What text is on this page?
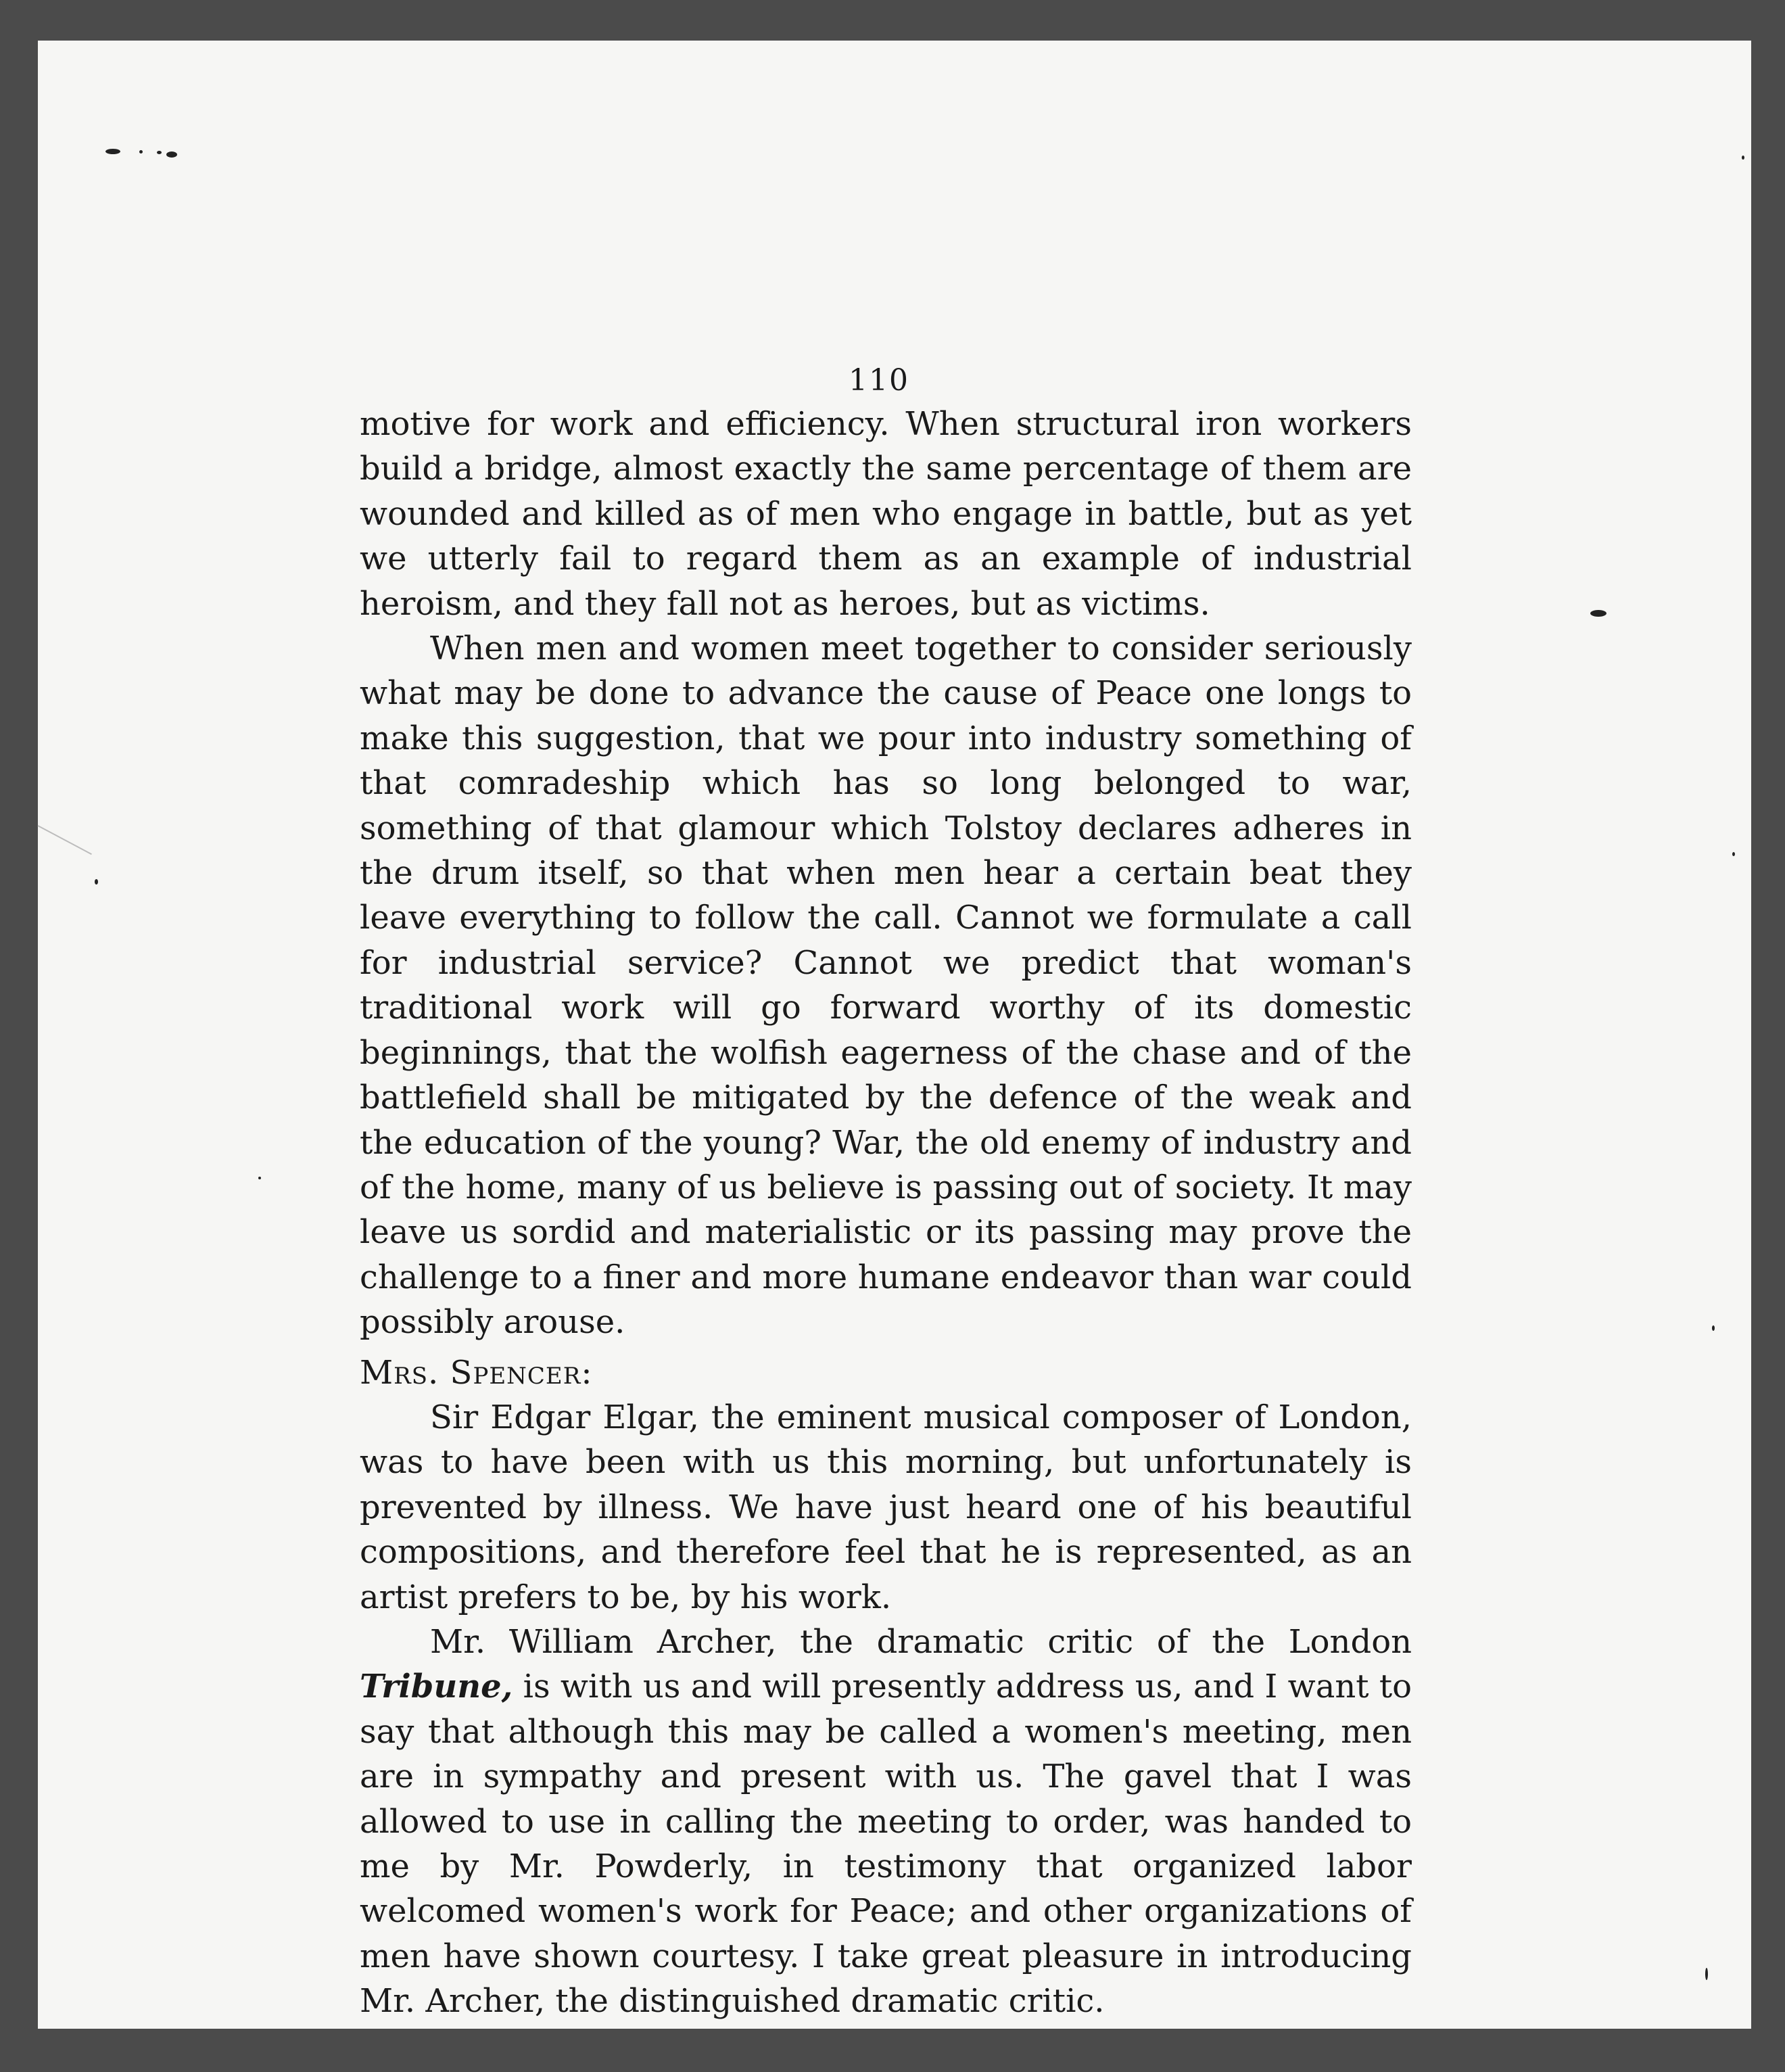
110

motive for work and efficiency. When structural iron workers build a bridge, almost exactly the same percentage of them are wounded and killed as of men who engage in battle, but as yet we utterly fail to regard them as an example of industrial heroism, and they fall not as heroes, but as victims.

When men and women meet together to consider seriously what may be done to advance the cause of Peace one longs to make this suggestion, that we pour into industry something of that comradeship which has so long belonged to war, something of that glamour which Tolstoy declares adheres in the drum itself, so that when men hear a certain beat they leave everything to follow the call. Cannot we formulate a call for industrial service? Cannot we predict that woman's traditional work will go forward worthy of its domestic beginnings, that the wolfish eagerness of the chase and of the battlefield shall be mitigated by the defence of the weak and the education of the young? War, the old enemy of industry and of the home, many of us believe is passing out of society. It may leave us sordid and materialistic or its passing may prove the challenge to a finer and more humane endeavor than war could possibly arouse.

Mrs. Spencer:

Sir Edgar Elgar, the eminent musical composer of London, was to have been with us this morning, but unfortunately is prevented by illness. We have just heard one of his beautiful compositions, and therefore feel that he is represented, as an artist prefers to be, by his work.

Mr. William Archer, the dramatic critic of the London Tribune, is with us and will presently address us, and I want to say that although this may be called a women's meeting, men are in sympathy and present with us. The gavel that I was allowed to use in calling the meeting to order, was handed to me by Mr. Powderly, in testimony that organized labor welcomed women's work for Peace; and other organizations of men have shown courtesy. I take great pleasure in introducing Mr. Archer, the distinguished dramatic critic.
